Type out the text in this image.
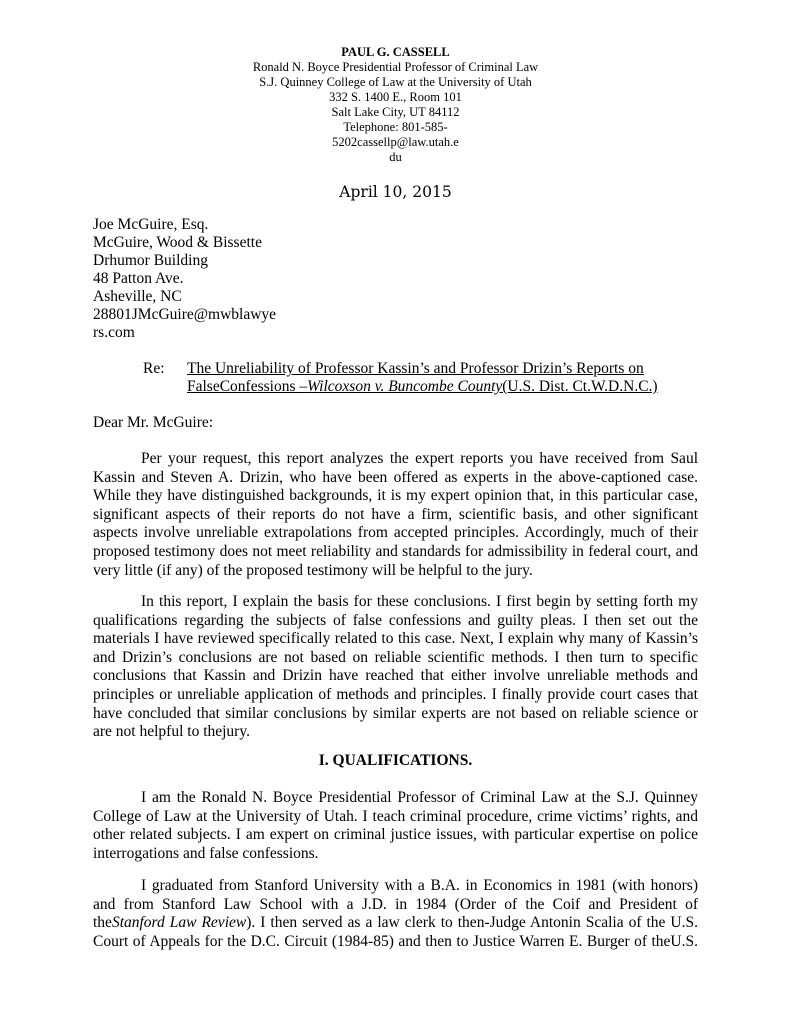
PAUL G. CASSELL
Ronald N. Boyce Presidential Professor of Criminal Law
S.J. Quinney College of Law at the University of Utah
332 S. 1400 E., Room 101
Salt Lake City, UT 84112
Telephone: 801-585-
5202cassellp@law.utah.e
du
April 10, 2015
Joe McGuire, Esq.
McGuire, Wood & Bissette
Drhumor Building
48 Patton Ave.
Asheville, NC
28801JMcGuire@mwblawye
rs.com
Re: The Unreliability of Professor Kassin’s and Professor Drizin’s Reports on
FalseConfessions –Wilcoxson v. Buncombe County(U.S. Dist. Ct.W.D.N.C.)
Dear Mr. McGuire:
Per your request, this report analyzes the expert reports you have received from Saul
Kassin and Steven A. Drizin, who have been offered as experts in the above-captioned case.
While they have distinguished backgrounds, it is my expert opinion that, in this particular case,
significant aspects of their reports do not have a firm, scientific basis, and other significant
aspects involve unreliable extrapolations from accepted principles. Accordingly, much of their
proposed testimony does not meet reliability and standards for admissibility in federal court, and
very little (if any) of the proposed testimony will be helpful to the jury.
In this report, I explain the basis for these conclusions. I first begin by setting forth my
qualifications regarding the subjects of false confessions and guilty pleas. I then set out the
materials I have reviewed specifically related to this case. Next, I explain why many of Kassin’s
and Drizin’s conclusions are not based on reliable scientific methods. I then turn to specific
conclusions that Kassin and Drizin have reached that either involve unreliable methods and
principles or unreliable application of methods and principles. I finally provide court cases that
have concluded that similar conclusions by similar experts are not based on reliable science or
are not helpful to thejury.
I. QUALIFICATIONS.
I am the Ronald N. Boyce Presidential Professor of Criminal Law at the S.J. Quinney
College of Law at the University of Utah. I teach criminal procedure, crime victims’ rights, and
other related subjects. I am expert on criminal justice issues, with particular expertise on police
interrogations and false confessions.
I graduated from Stanford University with a B.A. in Economics in 1981 (with honors)
and from Stanford Law School with a J.D. in 1984 (Order of the Coif and President of
theStanford Law Review). I then served as a law clerk to then-Judge Antonin Scalia of the U.S.
Court of Appeals for the D.C. Circuit (1984-85) and then to Justice Warren E. Burger of theU.S.
